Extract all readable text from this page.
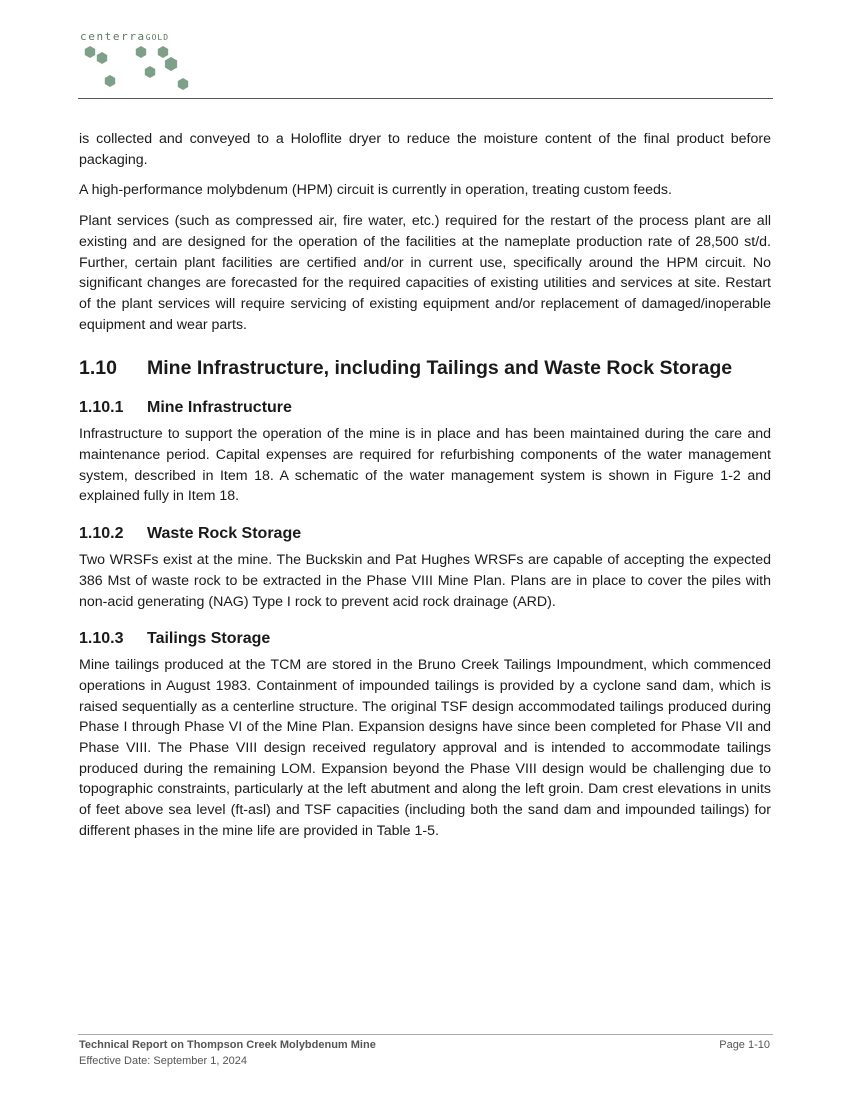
centerraGOLD

is collected and conveyed to a Holoflite dryer to reduce the moisture content of the final product before packaging.

A high-performance molybdenum (HPM) circuit is currently in operation, treating custom feeds.

Plant services (such as compressed air, fire water, etc.) required for the restart of the process plant are all existing and are designed for the operation of the facilities at the nameplate production rate of 28,500 st/d. Further, certain plant facilities are certified and/or in current use, specifically around the HPM circuit. No significant changes are forecasted for the required capacities of existing utilities and services at site. Restart of the plant services will require servicing of existing equipment and/or replacement of damaged/inoperable equipment and wear parts.

1.10	Mine Infrastructure, including Tailings and Waste Rock Storage
1.10.1	Mine Infrastructure

Infrastructure to support the operation of the mine is in place and has been maintained during the care and maintenance period. Capital expenses are required for refurbishing components of the water management system, described in Item 18. A schematic of the water management system is shown in Figure 1-2 and explained fully in Item 18.

1.10.2	Waste Rock Storage

Two WRSFs exist at the mine. The Buckskin and Pat Hughes WRSFs are capable of accepting the expected 386 Mst of waste rock to be extracted in the Phase VIII Mine Plan. Plans are in place to cover the piles with non-acid generating (NAG) Type I rock to prevent acid rock drainage (ARD).

1.10.3	Tailings Storage

Mine tailings produced at the TCM are stored in the Bruno Creek Tailings Impoundment, which commenced operations in August 1983. Containment of impounded tailings is provided by a cyclone sand dam, which is raised sequentially as a centerline structure. The original TSF design accommodated tailings produced during Phase I through Phase VI of the Mine Plan. Expansion designs have since been completed for Phase VII and Phase VIII. The Phase VIII design received regulatory approval and is intended to accommodate tailings produced during the remaining LOM. Expansion beyond the Phase VIII design would be challenging due to topographic constraints, particularly at the left abutment and along the left groin. Dam crest elevations in units of feet above sea level (ft-asl) and TSF capacities (including both the sand dam and impounded tailings) for different phases in the mine life are provided in Table 1-5.

Technical Report on Thompson Creek Molybdenum Mine
Effective Date: September 1, 2024
Page 1-10
